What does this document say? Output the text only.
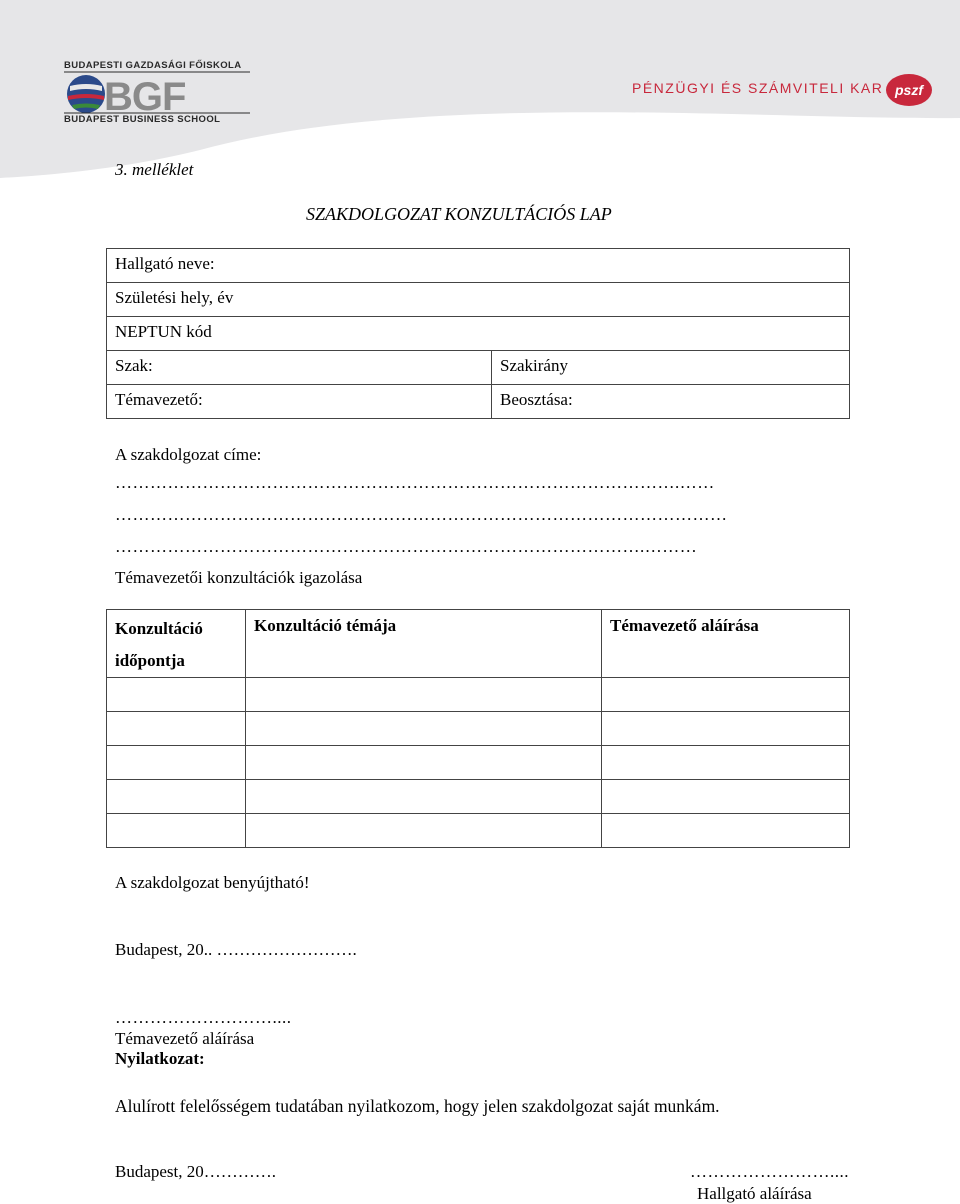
BUDAPESTI GAZDASÁGI FŐISKOLA
BGF
BUDAPEST BUSINESS SCHOOL
PÉNZÜGYI ÉS SZÁMVITELI KAR pszf
3. melléklet
SZAKDOLGOZAT KONZULTÁCIÓS LAP
Hallgató neve:	
Születési hely, év	
NEPTUN kód	
Szak:	Szakirány
Témavezető:	Beosztása:
A szakdolgozat címe:
…………………………………………………………………………………….……
……………………………………………………………………………………………
……………………………………………………………………………….………
Témavezetői konzultációk igazolása
Konzultáció
időpontja	Konzultáció témája	Témavezető aláírása

A szakdolgozat benyújtható!
Budapest, 20.. …………………….
………………………....
Témavezető aláírása
Nyilatkozat:
Alulírott felelősségem tudatában nyilatkozom, hogy jelen szakdolgozat saját munkám.
Budapest, 20………….	……………………....
Hallgató aláírása
